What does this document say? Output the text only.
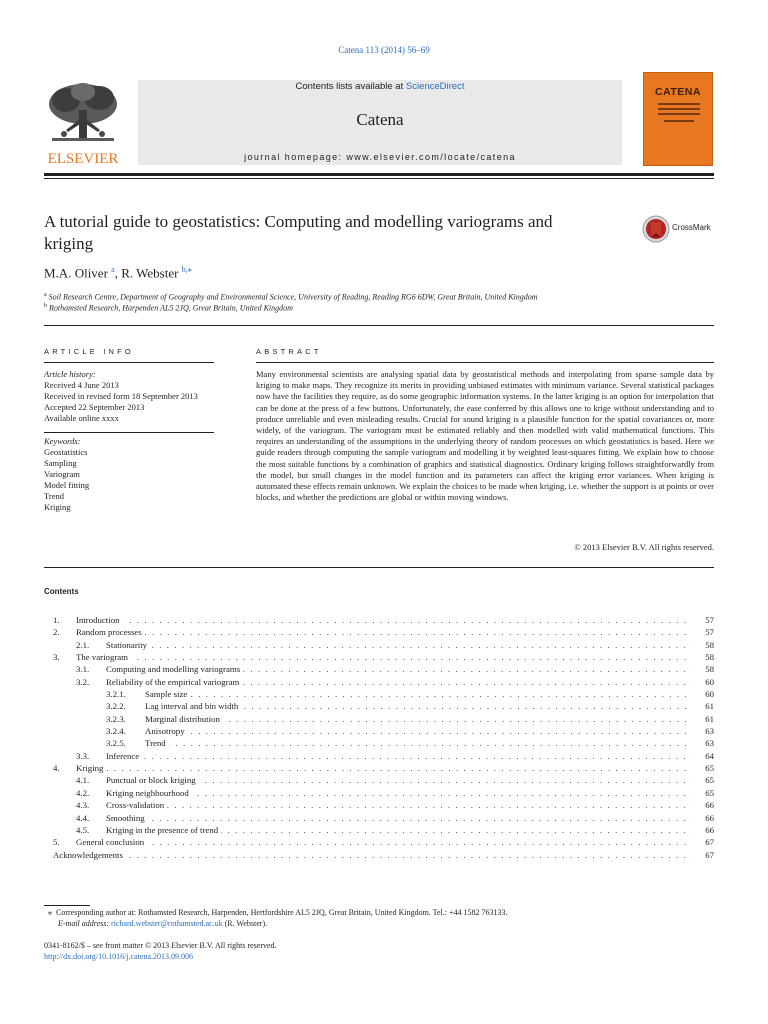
Catena 113 (2014) 56–69
ELSEVIER
Contents lists available at ScienceDirect
Catena
journal homepage: www.elsevier.com/locate/catena
CATENA
A tutorial guide to geostatistics: Computing and modelling variograms and kriging
CrossMark
M.A. Oliver $^a$, R. Webster $^{b,⁎}$
$^a$ Soil Research Centre, Department of Geography and Environmental Science, University of Reading, Reading RG6 6DW, Great Britain, United Kingdom
$^b$ Rothamsted Research, Harpenden AL5 2JQ, Great Britain, United Kingdom
ARTICLE INFO	ABSTRACT
Article history:
Received 4 June 2013
Received in revised form 18 September 2013
Accepted 22 September 2013
Available online xxxx
Keywords:
Geostatistics
Sampling
Variogram
Model fitting
Trend
Kriging
Many environmental scientists are analysing spatial data by geostatistical methods and interpolating from sparse sample data by kriging to make maps. They recognize its merits in providing unbiased estimates with minimum variance. Several statistical packages now have the facilities they require, as do some geographic information systems. In the latter kriging is an option for interpolation that can be done at the press of a few buttons. Unfortunately, the ease conferred by this allows one to krige without understanding and to produce unreliable and even misleading results. Crucial for sound kriging is a plausible function for the spatial covariances or, more widely, of the variogram. The variogram must be estimated reliably and then modelled with valid mathematical functions. This requires an understanding of the assumptions in the underlying theory of random processes on which geostatistics is based. Here we guide readers through computing the sample variogram and modelling it by weighted least-squares fitting. We explain how to choose the most suitable functions by a combination of graphics and statistical diagnostics. Ordinary kriging follows straightforwardly from the model, but small changes in the model function and its parameters can affect the kriging error variances. When kriging is automated these effects remain unknown. We explain the choices to be made when kriging, i.e. whether the support is at points or over blocks, and whether the predictions are global or within moving windows.
© 2013 Elsevier B.V. All rights reserved.
Contents
1. Introduction . . .	57
2. Random processes . . .	57
2.1. Stationarity . . .	58
3. The variogram . . .	58
3.1. Computing and modelling variograms . . .	58
3.2. Reliability of the empirical variogram . . .	60
3.2.1. Sample size . . .	60
3.2.2. Lag interval and bin width . . .	61
3.2.3. Marginal distribution . . .	61
3.2.4. Anisotropy . . .	63
3.2.5. Trend . . .	63
3.3. Inference . . .	64
4. Kriging . . .	65
4.1. Punctual or block kriging . . .	65
4.2. Kriging neighbourhood . . .	65
4.3. Cross-validation . . .	66
4.4. Smoothing . . .	66
4.5. Kriging in the presence of trend . . .	66
5. General conclusion . . .	67
Acknowledgements . . .	67
⁎ Corresponding author at: Rothamsted Research, Harpenden, Hertfordshire AL5 2JQ, Great Britain, United Kingdom. Tel.: +44 1582 763133.
E-mail address: richard.webster@rothamsted.ac.uk (R. Webster).
0341-8162/$ – see front matter © 2013 Elsevier B.V. All rights reserved.
http://dx.doi.org/10.1016/j.catena.2013.09.006
